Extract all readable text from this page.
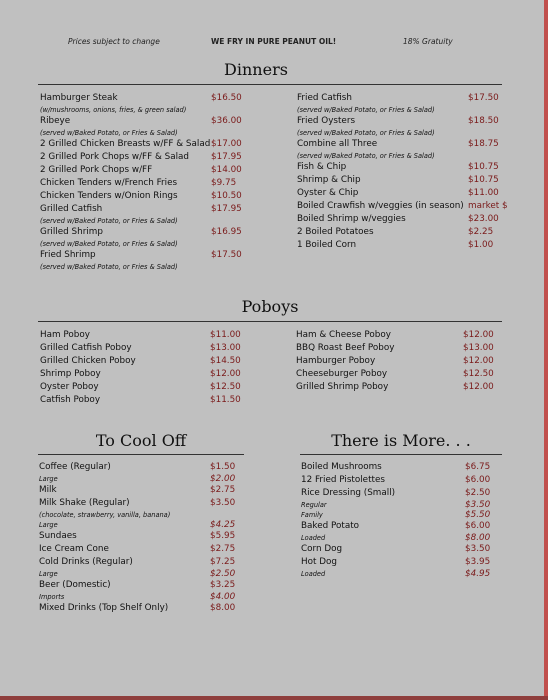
Prices subject to change	WE FRY IN PURE PEANUT OIL!	18% Gratuity
Dinners
Hamburger Steak	$16.50
(w/mushrooms, onions, fries, & green salad)
Ribeye	$36.00
(served w/Baked Potato, or Fries & Salad)
2 Grilled Chicken Breasts w/FF & Salad $17.00
2 Grilled Pork Chops w/FF & Salad $17.95
2 Grilled Pork Chops w/FF	$14.00
Chicken Tenders w/French Fries	$9.75
Chicken Tenders w/Onion Rings	$10.50
Grilled Catfish	$17.95
(served w/Baked Potato, or Fries & Salad)
Grilled Shrimp	$16.95
(served w/Baked Potato, or Fries & Salad)
Fried Shrimp	$17.50
(served w/Baked Potato, or Fries & Salad)
Fried Catfish	$17.50
(served w/Baked Potato, or Fries & Salad)
Fried Oysters	$18.50
(served w/Baked Potato, or Fries & Salad)
Combine all Three	$18.75
(served w/Baked Potato, or Fries & Salad)
Fish & Chip	$10.75
Shrimp & Chip	$10.75
Oyster & Chip	$11.00
Boiled Crawfish w/veggies (in season) market $
Boiled Shrimp w/veggies	$23.00
2 Boiled Potatoes	$2.25
1 Boiled Corn	$1.00
Poboys
Ham Poboy	$11.00
Grilled Catfish Poboy	$13.00
Grilled Chicken Poboy	$14.50
Shrimp Poboy	$12.00
Oyster Poboy	$12.50
Catfish Poboy	$11.50
Ham & Cheese Poboy	$12.00
BBQ Roast Beef Poboy	$13.00
Hamburger Poboy	$12.00
Cheeseburger Poboy	$12.50
Grilled Shrimp Poboy	$12.00
To Cool Off
Coffee (Regular)	$1.50
Large	$2.00
Milk	$2.75
Milk Shake (Regular)	$3.50
(chocolate, strawberry, vanilla, banana)
Large	$4.25
Sundaes	$5.95
Ice Cream Cone	$2.75
Cold Drinks (Regular)	$7.25
Large	$2.50
Beer (Domestic)	$3.25
Imports	$4.00
Mixed Drinks (Top Shelf Only)	$8.00
There is More. . .
Boiled Mushrooms	$6.75
12 Fried Pistolettes	$6.00
Rice Dressing (Small)	$2.50
Regular	$3.50
Family	$5.50
Baked Potato	$6.00
Loaded	$8.00
Corn Dog	$3.50
Hot Dog	$3.95
Loaded	$4.95
